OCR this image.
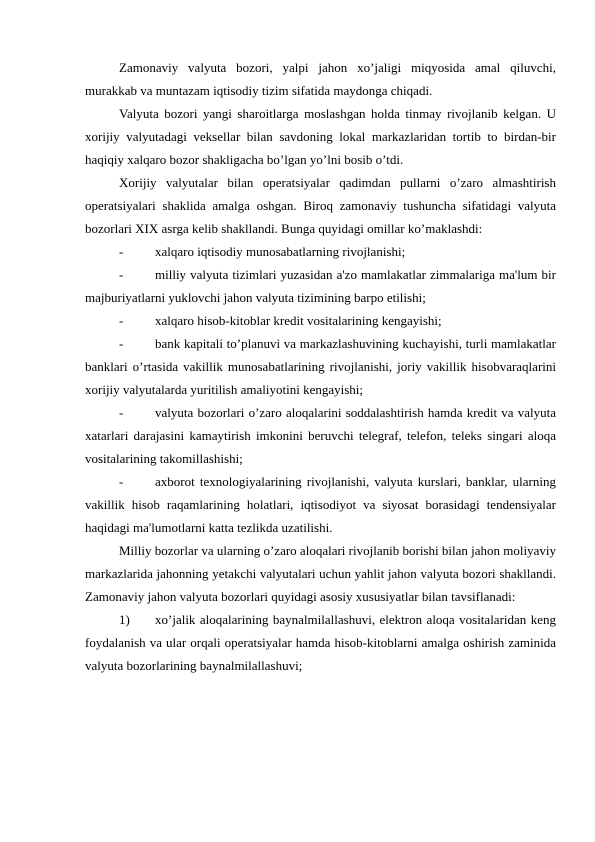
Zamonaviy valyuta bozori, yalpi jahon xo’jaligi miqyosida amal qiluvchi, murakkab va muntazam iqtisodiy tizim sifatida maydonga chiqadi.

Valyuta bozori yangi sharoitlarga moslashgan holda tinmay rivojlanib kelgan. U xorijiy valyutadagi veksellar bilan savdoning lokal markazlaridan tortib to birdan-bir haqiqiy xalqaro bozor shakligacha bo’lgan yo’lni bosib o’tdi.

Xorijiy valyutalar bilan operatsiyalar qadimdan pullarni o’zaro almashtirish operatsiyalari shaklida amalga oshgan. Biroq zamonaviy tushuncha sifatidagi valyuta bozorlari XIX asrga kelib shakllandi. Bunga quyidagi omillar ko’maklashdi:

- xalqaro iqtisodiy munosabatlarning rivojlanishi;

- milliy valyuta tizimlari yuzasidan a'zo mamlakatlar zimmalariga ma'lum bir majburiyatlarni yuklovchi jahon valyuta tizimining barpo etilishi;

- xalqaro hisob-kitoblar kredit vositalarining kengayishi;

- bank kapitali to’planuvi va markazlashuvining kuchayishi, turli mamlakatlar banklari o’rtasida vakillik munosabatlarining rivojlanishi, joriy vakillik hisobvaraqlarini xorijiy valyutalarda yuritilish amaliyotini kengayishi;

- valyuta bozorlari o’zaro aloqalarini soddalashtirish hamda kredit va valyuta xatarlari darajasini kamaytirish imkonini beruvchi telegraf, telefon, teleks singari aloqa vositalarining takomillashishi;

- axborot texnologiyalarining rivojlanishi, valyuta kurslari, banklar, ularning vakillik hisob raqamlarining holatlari, iqtisodiyot va siyosat borasidagi tendensiyalar haqidagi ma'lumotlarni katta tezlikda uzatilishi.

Milliy bozorlar va ularning o’zaro aloqalari rivojlanib borishi bilan jahon moliyaviy markazlarida jahonning yetakchi valyutalari uchun yahlit jahon valyuta bozori shakllandi. Zamonaviy jahon valyuta bozorlari quyidagi asosiy xususiyatlar bilan tavsiflanadi:

1) xo’jalik aloqalarining baynalmilallashuvi, elektron aloqa vositalaridan keng foydalanish va ular orqali operatsiyalar hamda hisob-kitoblarni amalga oshirish zaminida valyuta bozorlarining baynalmilallashuvi;
